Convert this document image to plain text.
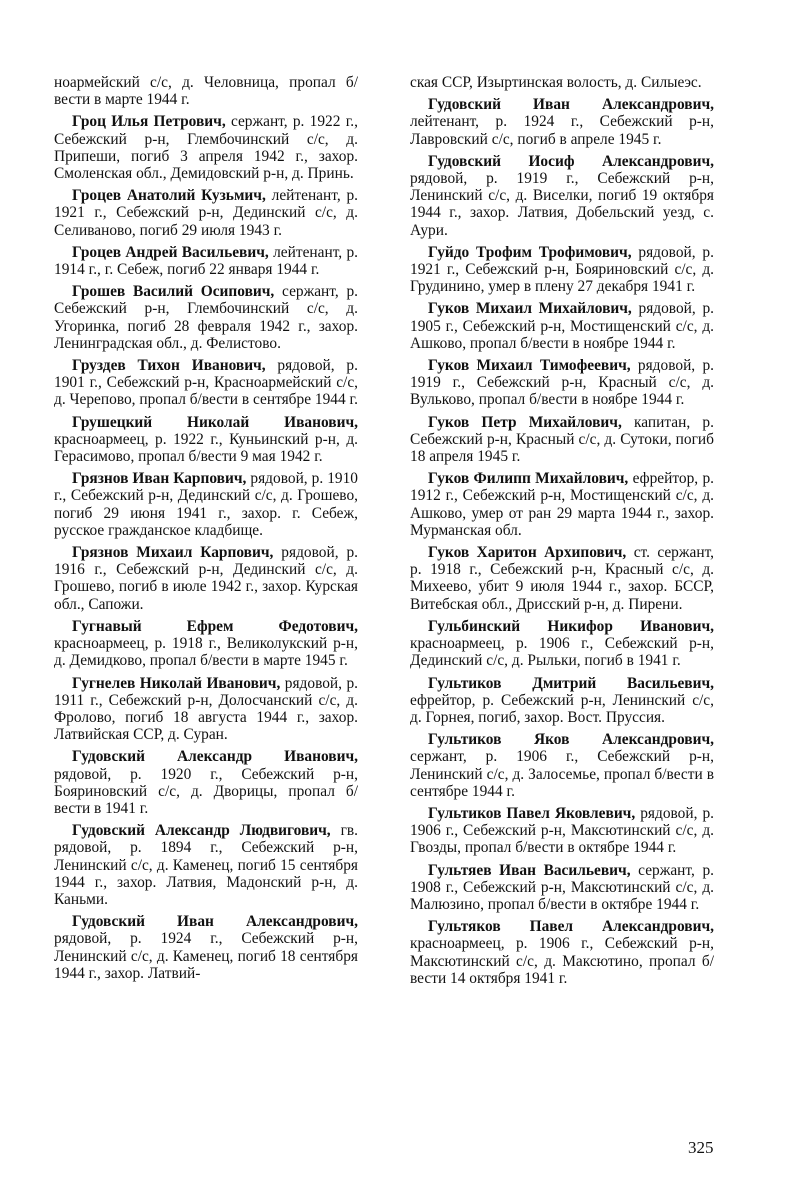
ноармейский с/с, д. Человница, пропал б/вести в марте 1944 г.

Гроц Илья Петрович, сержант, р. 1922 г., Себежский р-н, Глембочинский с/с, д. Припеши, погиб 3 апреля 1942 г., захор. Смоленская обл., Демидовский р-н, д. Принь.

Гроцев Анатолий Кузьмич, лейтенант, р. 1921 г., Себежский р-н, Дединский с/с, д. Селиваново, погиб 29 июля 1943 г.

Гроцев Андрей Васильевич, лейтенант, р. 1914 г., г. Себеж, погиб 22 января 1944 г.

Грошев Василий Осипович, сержант, р. Себежский р-н, Глембочинский с/с, д. Угоринка, погиб 28 февраля 1942 г., захор. Ленинградская обл., д. Фелистово.

Груздев Тихон Иванович, рядовой, р. 1901 г., Себежский р-н, Красноармейский с/с, д. Черепово, пропал б/вести в сентябре 1944 г.

Грушецкий Николай Иванович, красноармеец, р. 1922 г., Куньинский р-н, д. Герасимово, пропал б/вести 9 мая 1942 г.

Грязнов Иван Карпович, рядовой, р. 1910 г., Себежский р-н, Дединский с/с, д. Грошево, погиб 29 июня 1941 г., захор. г. Себеж, русское гражданское кладбище.

Грязнов Михаил Карпович, рядовой, р. 1916 г., Себежский р-н, Дединский с/с, д. Грошево, погиб в июле 1942 г., захор. Курская обл., Сапожи.

Гугнавый Ефрем Федотович, красноармеец, р. 1918 г., Великолукский р-н, д. Демидково, пропал б/вести в марте 1945 г.

Гугнелев Николай Иванович, рядовой, р. 1911 г., Себежский р-н, Долосчанский с/с, д. Фролово, погиб 18 августа 1944 г., захор. Латвийская ССР, д. Суран.

Гудовский Александр Иванович, рядовой, р. 1920 г., Себежский р-н, Бояриновский с/с, д. Дворицы, пропал б/вести в 1941 г.

Гудовский Александр Людвигович, гв. рядовой, р. 1894 г., Себежский р-н, Ленинский с/с, д. Каменец, погиб 15 сентября 1944 г., захор. Латвия, Мадонский р-н, д. Каньми.

Гудовский Иван Александрович, рядовой, р. 1924 г., Себежский р-н, Ленинский с/с, д. Каменец, погиб 18 сентября 1944 г., захор. Латвий-

ская ССР, Изыртинская волость, д. Силыеэс.

Гудовский Иван Александрович, лейтенант, р. 1924 г., Себежский р-н, Лавровский с/с, погиб в апреле 1945 г.

Гудовский Иосиф Александрович, рядовой, р. 1919 г., Себежский р-н, Ленинский с/с, д. Виселки, погиб 19 октября 1944 г., захор. Латвия, Добельский уезд, с. Аури.

Гуйдо Трофим Трофимович, рядовой, р. 1921 г., Себежский р-н, Бояриновский с/с, д. Грудинино, умер в плену 27 декабря 1941 г.

Гуков Михаил Михайлович, рядовой, р. 1905 г., Себежский р-н, Мостищенский с/с, д. Ашково, пропал б/вести в ноябре 1944 г.

Гуков Михаил Тимофеевич, рядовой, р. 1919 г., Себежский р-н, Красный с/с, д. Вульково, пропал б/вести в ноябре 1944 г.

Гуков Петр Михайлович, капитан, р. Себежский р-н, Красный с/с, д. Сутоки, погиб 18 апреля 1945 г.

Гуков Филипп Михайлович, ефрейтор, р. 1912 г., Себежский р-н, Мостищенский с/с, д. Ашково, умер от ран 29 марта 1944 г., захор. Мурманская обл.

Гуков Харитон Архипович, ст. сержант, р. 1918 г., Себежский р-н, Красный с/с, д. Михеево, убит 9 июля 1944 г., захор. БССР, Витебская обл., Дрисский р-н, д. Пирени.

Гульбинский Никифор Иванович, красноармеец, р. 1906 г., Себежский р-н, Дединский с/с, д. Рыльки, погиб в 1941 г.

Гультиков Дмитрий Васильевич, ефрейтор, р. Себежский р-н, Ленинский с/с, д. Горнея, погиб, захор. Вост. Пруссия.

Гультиков Яков Александрович, сержант, р. 1906 г., Себежский р-н, Ленинский с/с, д. Залосемье, пропал б/вести в сентябре 1944 г.

Гультиков Павел Яковлевич, рядовой, р. 1906 г., Себежский р-н, Максютинский с/с, д. Гвозды, пропал б/вести в октябре 1944 г.

Гультяев Иван Васильевич, сержант, р. 1908 г., Себежский р-н, Максютинский с/с, д. Малюзино, пропал б/вести в октябре 1944 г.

Гультяков Павел Александрович, красноармеец, р. 1906 г., Себежский р-н, Максютинский с/с, д. Максютино, пропал б/вести 14 октября 1941 г.

325
